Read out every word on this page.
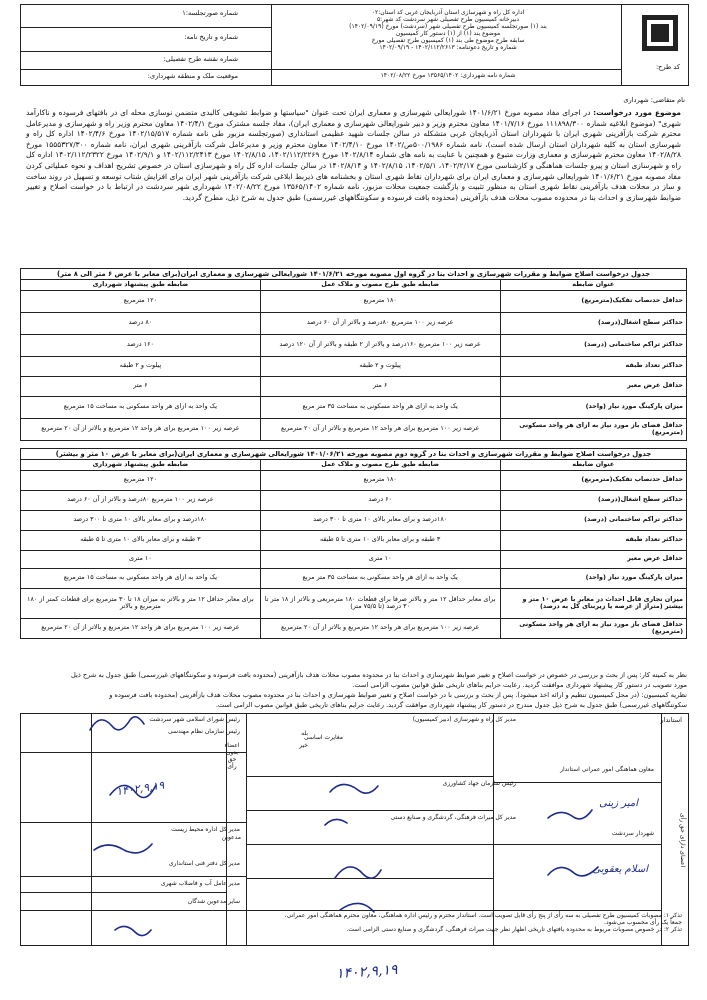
شماره صورتجلسه:۱
شماره و تاریخ نامه:
شماره نقشه طرح تفصیلی:
موقعیت ملک و منطقه شهرداری:
اداره کل راه و شهرسازی استان آذربایجان غربی کد استان:۰۲
دبیرخانه کمیسیون طرح تفصیلی شهر سردشت کد شهر:۵
بند (۱) صورتجلسه کمیسیون طرح تفصیلی شهر (سردشت) مورخ (۱۴۰۲/۰۹/۱۹)
موضوع بند (۱) از (۱) دستور کار کمیسیون
سابقه طرح موضوع طی بند (۱) کمیسیون طرح تفصیلی مورخ
شماره و تاریخ دعوتنامه: ۱۴۰۲/۱۱۲/۲۶۱۳ - ۱۴۰۲/۰۹/۱۹
شماره نامه شهرداری: ۱۳۵۶۵/۱۴۰۲ مورخ ۱۴۰۲/۰۸/۲۲
کد طرح:
نام متقاضی: شهرداری
موضوع مورد درخواست: در اجرای مفاد مصوبه مورخ ۱۴۰۱/۶/۲۱ شورایعالی شهرسازی و معماری ایران تحت عنوان "سیاستها و ضوابط تشویقی کالبدی متضمن نوسازی محله ای در بافتهای فرسوده و ناکارآمد شهری" (موضوع ابلاغیه شماره ۱۱۱۸۹۸/۳۰۰ مورخ ۱۴۰۱/۷/۱۶ معاون محترم وزیر و دبیر شورایعالی شهرسازی و معماری ایران)، مفاد جلسه مشترک مورخ ۱۴۰۲/۴/۱ معاون محترم وزیر راه و شهرسازی و مدیرعامل محترم شرکت بازآفرینی شهری ایران با شهرداران استان آذربایجان غربی متشکله در سالن جلسات شهید عظیمی استانداری (صورتجلسه مزبور طی نامه شماره ۱۴۰۲/۱۵/۵۱۷ مورخ ۱۴۰۲/۴/۶ اداره کل راه و شهرسازی استان به کلیه شهرداران استان ارسال شده است)، نامه شماره ۵۰۰/۱۹۸۶ص/۱۴۰۲ مورخ ۱۴۰۲/۴/۱۰ معاون محترم وزیر و مدیرعامل شرکت بازآفرینی شهری ایران، نامه شماره ۱۵۵۵۳۲۷/۳۰۰ مورخ ۱۴۰۲/۸/۲۸ معاون محترم شهرسازی و معماری وزارت متبوع و همچنین با عنایت به نامه های شماره ۱۴۰۲/۸/۱۴ مورخ ۱۴۰۲/۱۱۲/۲۲۶۹، ۱۴۰۲/۸/۱۵ مورخ ۱۴۰۲/۱۱۲/۲۴۱۳ و ۱۴۰۲/۹/۱ مورخ ۱۴۰۲/۱۱۲/۲۳۲۲ اداره کل راه و شهرسازی استان و پیرو جلسات هماهنگی و کارشناسی مورخ ۱۴۰۲/۲/۱۷، ۱۴۰۲/۵/۱، ۱۴۰۲/۸/۱۵ و ۱۴۰۲/۸/۱۴ در سالن جلسات اداره کل راه و شهرسازی استان در خصوص تشریح اهداف و نحوه عملیاتی کردن مفاد مصوبه مورخ ۱۴۰۱/۶/۲۱ شورایعالی شهرسازی و معماری ایران برای شهرداران نقاط شهری استان و بخشنامه های ذیربط ابلاغی شرکت بازآفرینی شهر ایران برای افزایش شتاب توسعه و تسهیل در روند ساخت و ساز در محلات هدف بازآفرینی نقاط شهری استان به منظور تثبیت و بازگشت جمعیت محلات مزبور، نامه شماره ۱۳۵۶۵/۱۴۰۲ مورخ ۱۴۰۲/۰۸/۲۲ شهرداری شهر سردشت در ارتباط با در خواست اصلاح و تغییر ضوابط شهرسازی و احداث بنا در محدوده مصوب محلات هدف بازآفرینی (محدوده بافت فرسوده و سکونتگاههای غیررسمی) طبق جدول به شرح ذیل، مطرح گردید.
جدول درخواست اصلاح ضوابط و مقررات شهرسازی و احداث بنا در گروه اول مصوبه مورخه ۱۴۰۱/۶/۲۱ شورایعالی شهرسازی و معماری ایران(برای معابر با عرض ۶ متر الی ۸ متر)
عنوان ضابطه	ضابطه طبق طرح مصوب و ملاک عمل	ضابطه طبق پیشنهاد شهرداری
حداقل حدنصاب تفکیک(مترمربع)	۱۸۰ مترمربع	۱۲۰ مترمربع
حداکثر سطح اشغال(درصد)	عرصه زیر ۱۰۰ مترمربع ۸۰درصد و بالاتر از آن ۶۰ درصد	۸۰ درصد
حداکثر تراکم ساختمانی (درصد)	عرصه زیر ۱۰۰ مترمربع ۱۶۰درصد و بالاتر از ۲ طبقه و بالاتر از آن ۱۲۰ درصد	۱۶۰ درصد
حداکثر تعداد طبقه	پیلوت و ۲ طبقه	پیلوت و ۲ طبقه
حداقل عرض معبر	۶ متر	۶ متر
میزان پارکینگ مورد نیاز (واحد)	یک واحد به ازای هر واحد مسکونی به مساحت ۳۵ متر مربع	یک واحد به ازای هر واحد مسکونی به مساحت ۱۵ مترمربع
حداقل فضای باز مورد نیاز به ازای هر واحد مسکونی (مترمربع)	عرصه زیر ۱۰۰ مترمربع برای هر واحد ۱۲ مترمربع و بالاتر از آن ۲۰ مترمربع	عرصه زیر ۱۰۰ مترمربع برای هر واحد ۱۲ مترمربع و بالاتر از آن ۲۰ مترمربع
جدول درخواست اصلاح ضوابط و مقررات شهرسازی و احداث بنا در گروه دوم مصوبه مورخه ۱۴۰۱/۰۶/۲۱ شورایعالی شهرسازی و معماری ایران(برای معابر با عرض ۱۰ متر و بیشتر)
عنوان ضابطه	ضابطه طبق طرح مصوب و ملاک عمل	ضابطه طبق پیشنهاد شهرداری
حداقل حدنصاب تفکیک(مترمربع)	۱۸۰ مترمربع	۱۲۰ مترمربع
حداکثر سطح اشغال(درصد)	۶۰ درصد	عرصه زیر ۱۰۰ مترمربع ۸۰درصد و بالاتر از آن ۶۰ درصد
حداکثر تراکم ساختمانی (درصد)	۱۸۰درصد و برای معابر بالای ۱۰ متری تا ۳۰۰ درصد	۱۸۰درصد و برای معابر بالای ۱۰ متری تا ۳۰۰ درصد
حداکثر تعداد طبقه	۳ طبقه و برای معابر بالای ۱۰ متری تا ۵ طبقه	۳ طبقه و برای معابر بالای ۱۰ متری تا ۵ طبقه
حداقل عرض معبر	۱۰ متری	۱۰ متری
میزان پارکینگ مورد نیاز (واحد)	یک واحد به ازای هر واحد مسکونی به مساحت ۳۵ متر مربع	یک واحد به ازای هر واحد مسکونی به مساحت ۱۵ مترمربع
میزان تجاری قابل احداث در معابر با عرض ۱۰ متر و بیشتر (متراژ از عرصه یا زیربنای کل به درصد)	برای معابر حداقل ۱۲ متر و بالاتر صرفا برای قطعات ۱۸۰ مترمربعی و بالاتر از ۱۸ متر تا ۳۰ درصد (تا ۷۵/۵ متر)	برای معابر حداقل ۱۲ متر و بالاتر به میزان ۱۸ تا ۳۰ مترمربع برای قطعات کمتر از ۱۸۰ مترمربع و بالاتر
حداقل فضای باز مورد نیاز به ازای هر واحد مسکونی (مترمربع)	عرصه زیر ۱۰۰ مترمربع برای هر واحد ۱۲ مترمربع و بالاتر از آن ۲۰ مترمربع	عرصه زیر ۱۰۰ مترمربع برای هر واحد ۱۲ مترمربع و بالاتر از آن ۲۰ مترمربع
نظر به کمیته کار: پس از بحث و بررسی در خصوص در خواست اصلاح و تغییر ضوابط شهرسازی و احداث بنا در محدوده مصوب محلات هدف بازآفرینی (محدوده بافت فرسوده و سکونتگاههای غیررسمی) طبق جدول به شرح ذیل
مورد تصویب در دستور کار پیشنهاد شهرداری موافقت گردید. رعایت حرایم بناهای تاریخی طبق قوانین مصوب الزامی است.
نظریه کمیسیون: (در محل کمیسیون تنظیم و ارائه اخذ میشود). پس از بحث و بررسی با در خواست اصلاح و تغییر ضوابط شهرسازی و احداث بنا در محدوده مصوب محلات هدف بازآفرینی (محدوده بافت فرسوده و
سکونتگاههای غیررسمی) طبق جدول به شرح ذیل جدول مندرج در دستور کار پیشنهاد شهرداری موافقت گردید. رعایت حرایم بناهای تاریخی طبق قوانین مصوب الزامی است.
استاندار
معاون هماهنگی امور عمرانی استاندار
شهردار سردشت	اعضای دارای حق رأی
مدیر کل راه و شهرسازی (دبیر کمیسیون)
بله
خیر
مغایرت اساسی
رئیس سازمان جهاد کشاورزی
مدیر کل میراث فرهنگی، گردشگری و صنایع دستی
اعضاء بدون حق رأی
رئیس شورای اسلامی شهر سردشت
رئیس سازمان نظام مهندسی
مدیر کل اداره محیط زیست
مدعوین
مدیر کل دفتر فنی استانداری
مدیر عامل آب و فاضلاب شهری
سایر مدعوین شدگان
تذکر ۱: مصوبات کمیسیون طرح تفصیلی به سه رأی از پنج رأی قابل تصویب است. استاندار محترم و رئیس اداره هماهنگی، معاون محترم هماهنگی امور عمرانی، جمعاً یک رأی محسوب می‌شود.
تذکر ۲: در خصوص مصوبات مربوط به محدوده بافتهای تاریخی اظهار نظر جهت میراث فرهنگی، گردشگری و صنایع دستی الزامی است.
امیر زینی
اسلام یعقوبی
۱۴۰۲,۹,۱۹
۱۴۰۲,۹,۱۹
